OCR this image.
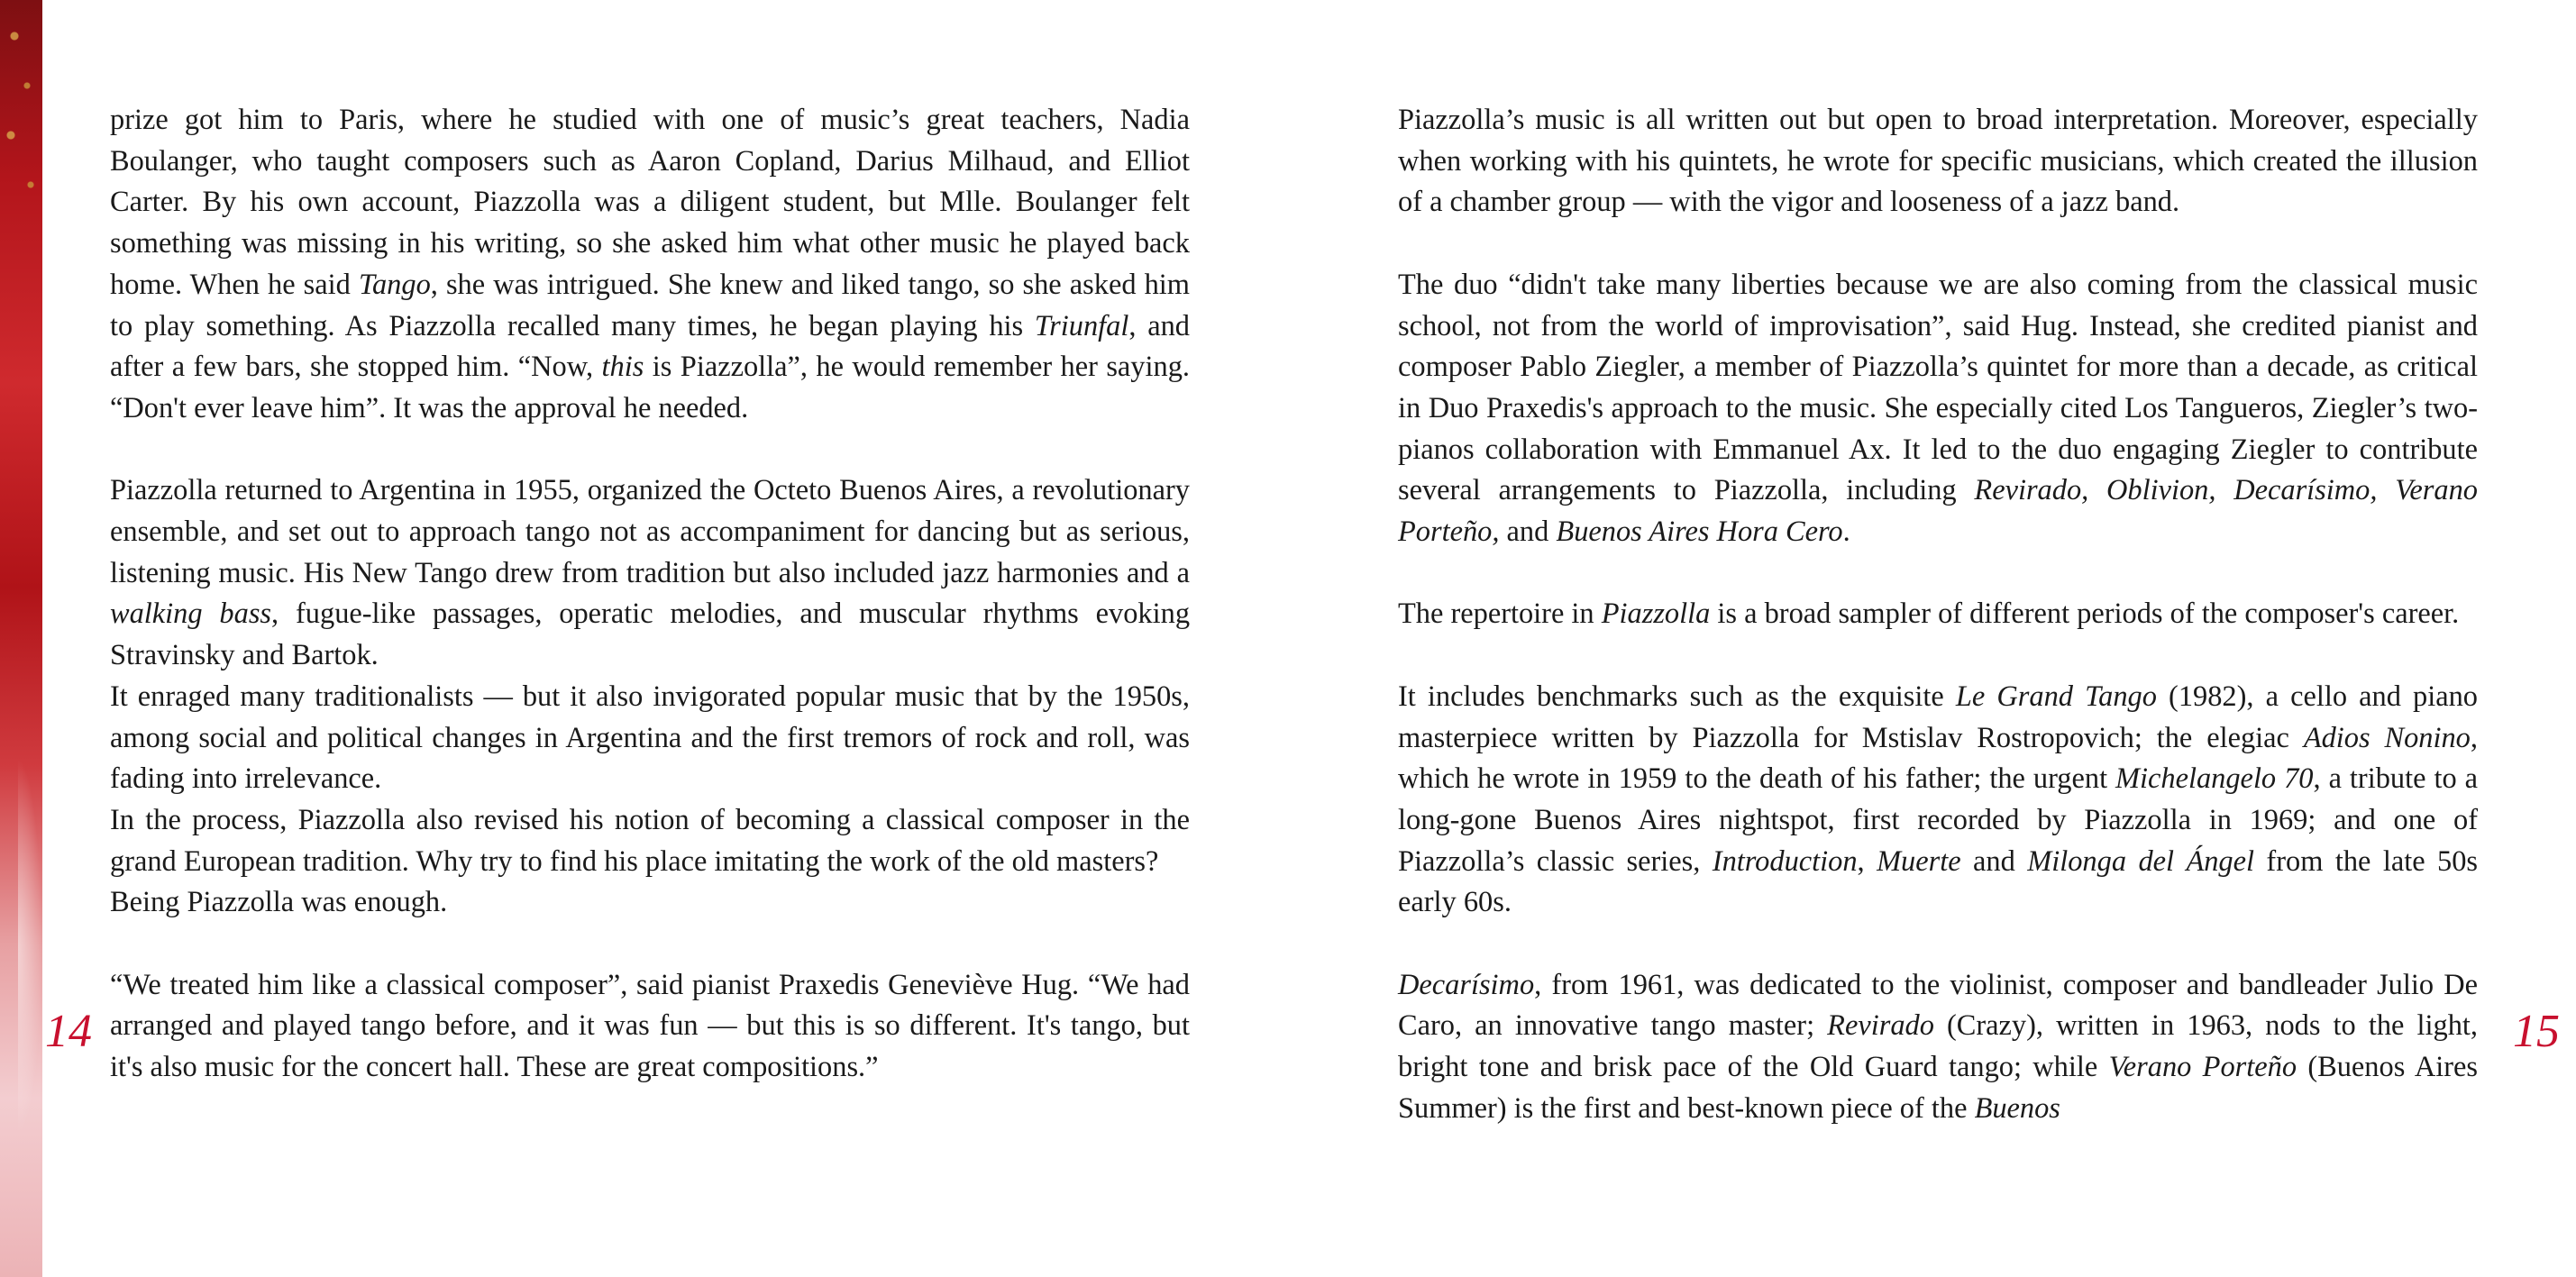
14	15

prize got him to Paris, where he studied with one of music’s great teachers, Nadia Boulanger, who taught composers such as Aaron Copland, Darius Milhaud, and Elliot Carter. By his own account, Piazzolla was a diligent student, but Mlle. Boulanger felt something was missing in his writing, so she asked him what other music he played back home. When he said Tango, she was intrigued. She knew and liked tango, so she asked him to play something. As Piazzolla recalled many times, he began playing his Triunfal, and after a few bars, she stopped him. “Now, this is Piazzolla”, he would remember her saying. “Don't ever leave him”. It was the approval he needed.

Piazzolla returned to Argentina in 1955, organized the Octeto Buenos Aires, a revolutionary ensemble, and set out to approach tango not as accompaniment for dancing but as serious, listening music. His New Tango drew from tradition but also included jazz harmonies and a walking bass, fugue-like passages, operatic melodies, and muscular rhythms evoking Stravinsky and Bartok.

It enraged many traditionalists — but it also invigorated popular music that by the 1950s, among social and political changes in Argentina and the first tremors of rock and roll, was fading into irrelevance.

In the process, Piazzolla also revised his notion of becoming a classical composer in the grand European tradition. Why try to find his place imitating the work of the old masters?

Being Piazzolla was enough.

“We treated him like a classical composer”, said pianist Praxedis Geneviève Hug. “We had arranged and played tango before, and it was fun — but this is so different. It's tango, but it's also music for the concert hall. These are great compositions.”

Piazzolla’s music is all written out but open to broad interpretation. Moreover, especially when working with his quintets, he wrote for specific musicians, which created the illusion of a chamber group — with the vigor and looseness of a jazz band.

The duo “didn't take many liberties because we are also coming from the classical music school, not from the world of improvisation”, said Hug. Instead, she credited pianist and composer Pablo Ziegler, a member of Piazzolla’s quintet for more than a decade, as critical in Duo Praxedis's approach to the music. She especially cited Los Tangueros, Ziegler’s two-pianos collaboration with Emmanuel Ax. It led to the duo engaging Ziegler to contribute several arrangements to Piazzolla, including Revirado, Oblivion, Decarísimo, Verano Porteño, and Buenos Aires Hora Cero.

The repertoire in Piazzolla is a broad sampler of different periods of the composer's career.

It includes benchmarks such as the exquisite Le Grand Tango (1982), a cello and piano masterpiece written by Piazzolla for Mstislav Rostropovich; the elegiac Adios Nonino, which he wrote in 1959 to the death of his father; the urgent Michelangelo 70, a tribute to a long-gone Buenos Aires nightspot, first recorded by Piazzolla in 1969; and one of Piazzolla’s classic series, Introduction, Muerte and Milonga del Ángel from the late 50s early 60s.

Decarísimo, from 1961, was dedicated to the violinist, composer and bandleader Julio De Caro, an innovative tango master; Revirado (Crazy), written in 1963, nods to the light, bright tone and brisk pace of the Old Guard tango; while Verano Porteño (Buenos Aires Summer) is the first and best-known piece of the Buenos
